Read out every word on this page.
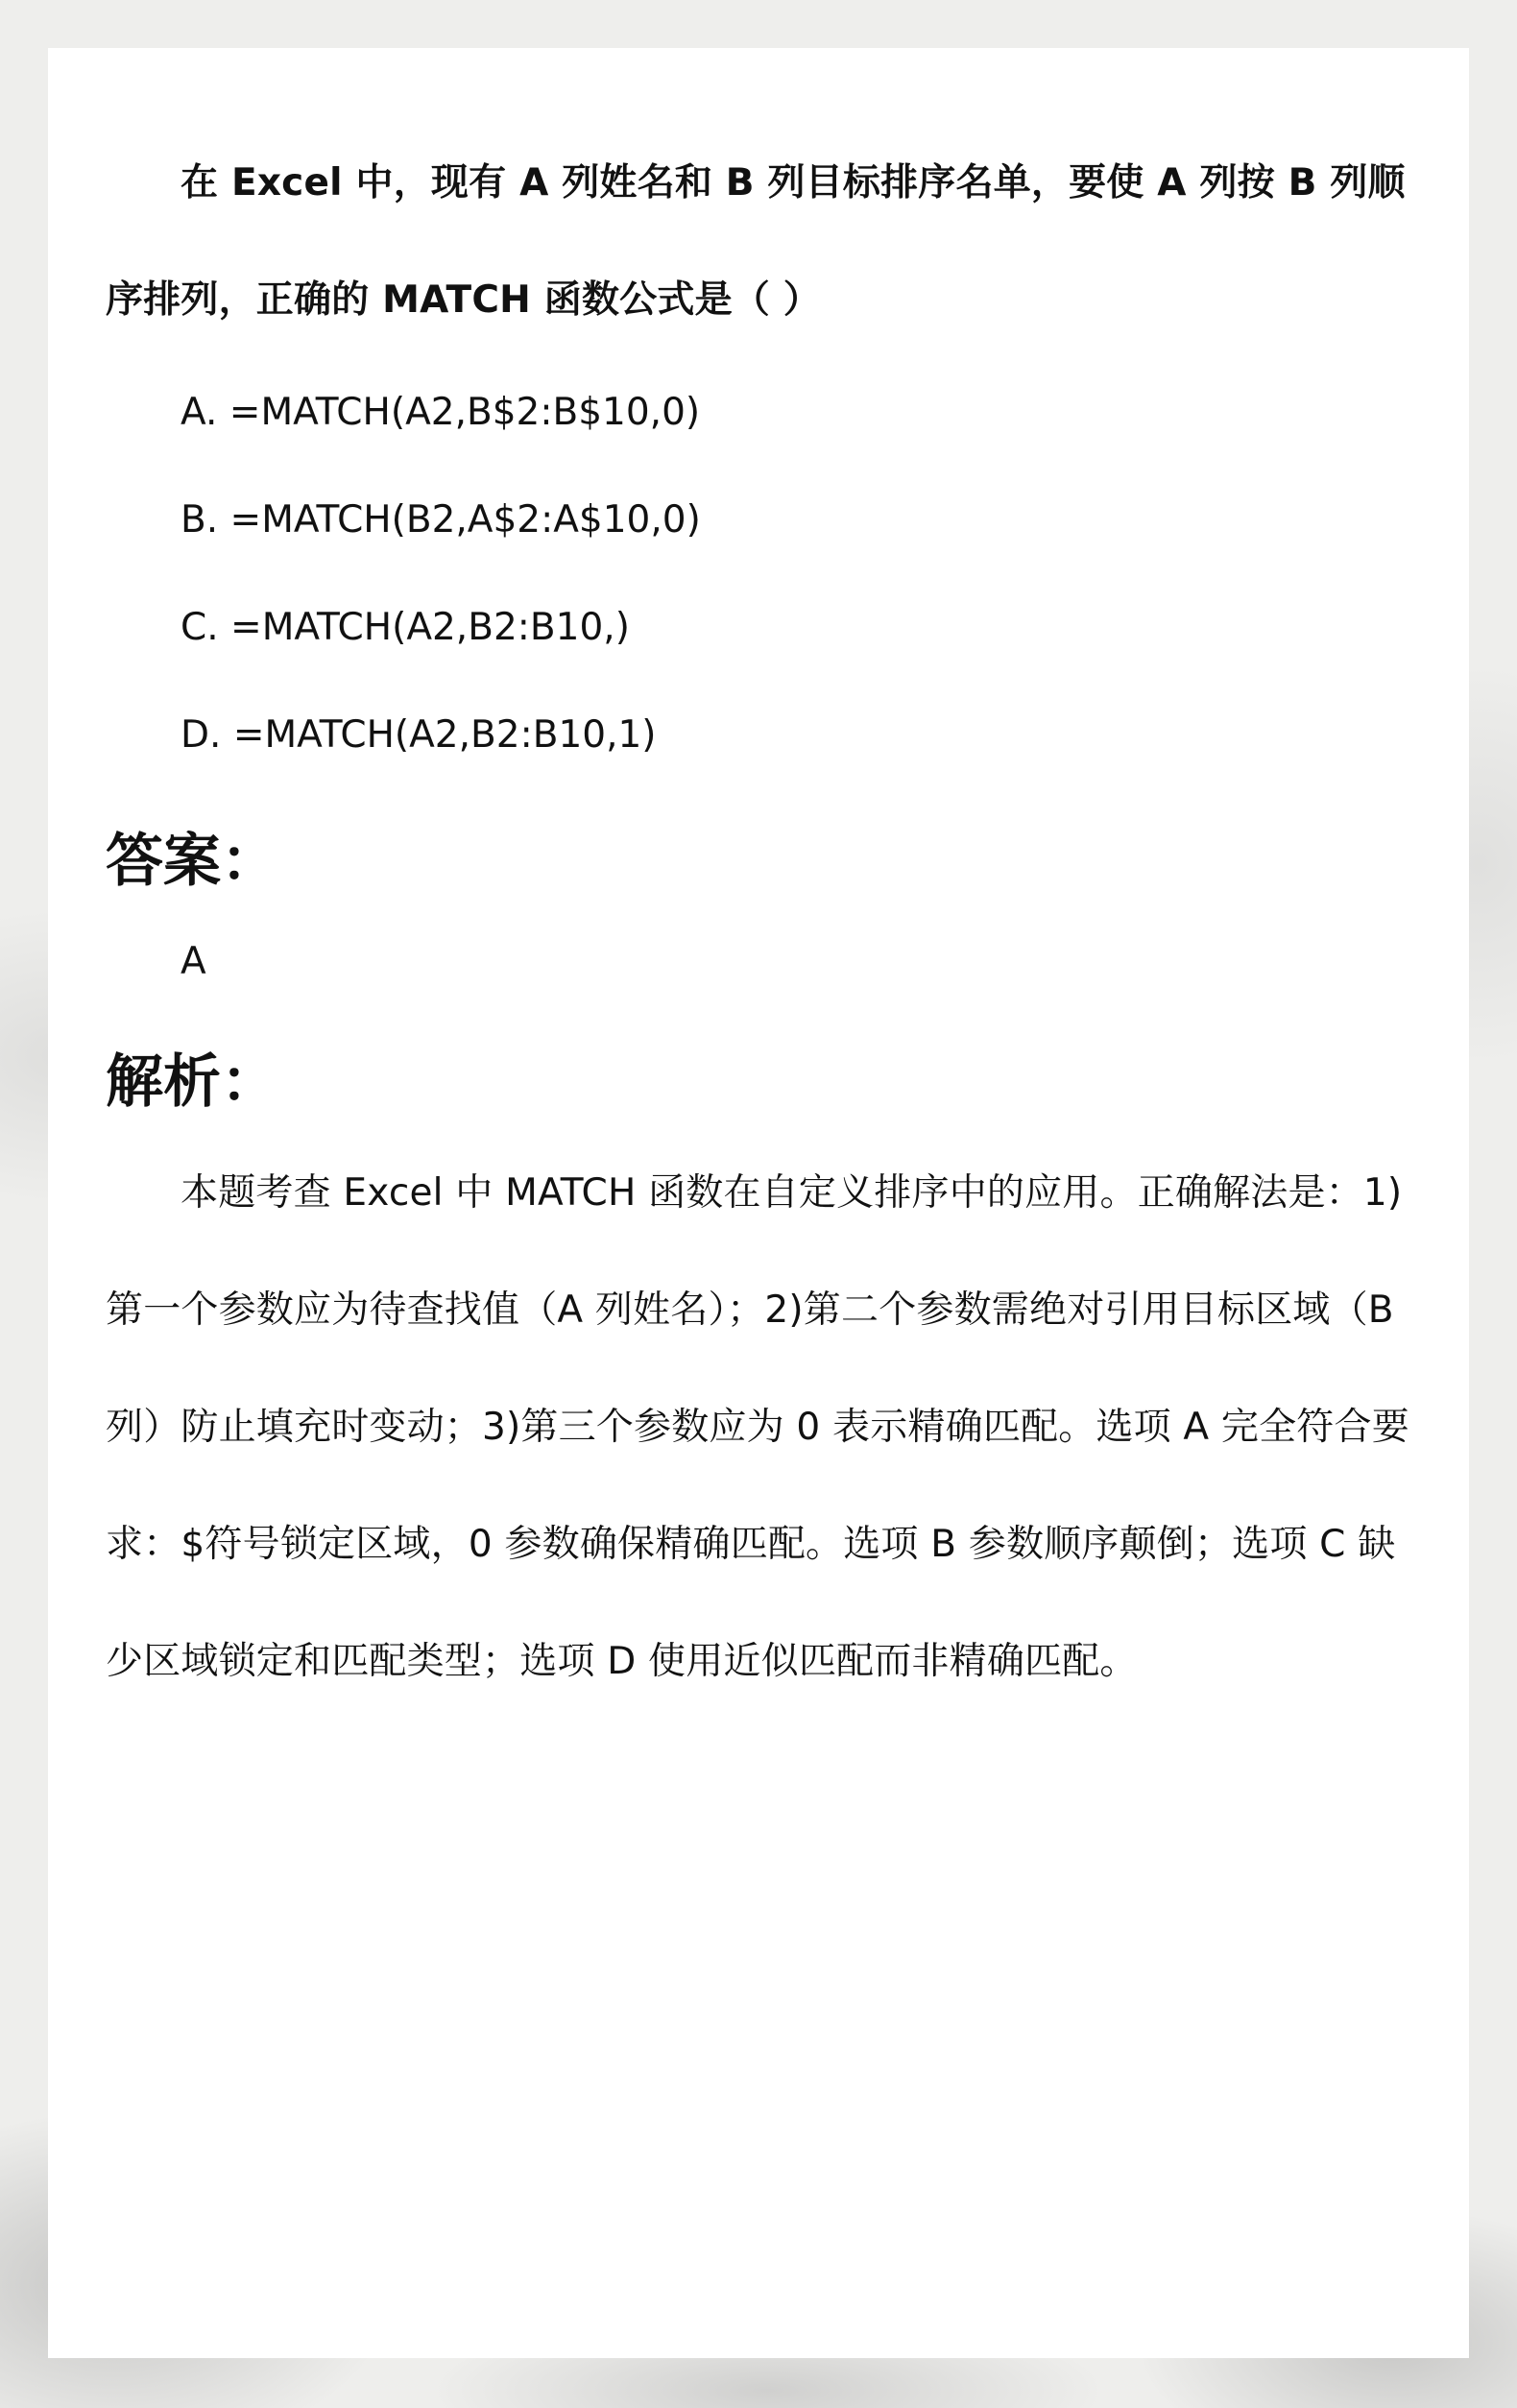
在 Excel 中，现有 A 列姓名和 B 列目标排序名单，要使 A 列按 B 列顺序排列，正确的 MATCH 函数公式是（ ）
A. =MATCH(A2,B$2:B$10,0)
B. =MATCH(B2,A$2:A$10,0)
C. =MATCH(A2,B2:B10,)
D. =MATCH(A2,B2:B10,1)
答案：
A
解析：
本题考查 Excel 中 MATCH 函数在自定义排序中的应用。正确解法是：1)第一个参数应为待查找值（A 列姓名）；2)第二个参数需绝对引用目标区域（B 列）防止填充时变动；3)第三个参数应为 0 表示精确匹配。选项 A 完全符合要求：$符号锁定区域，0 参数确保精确匹配。选项 B 参数顺序颠倒；选项 C 缺少区域锁定和匹配类型；选项 D 使用近似匹配而非精确匹配。
